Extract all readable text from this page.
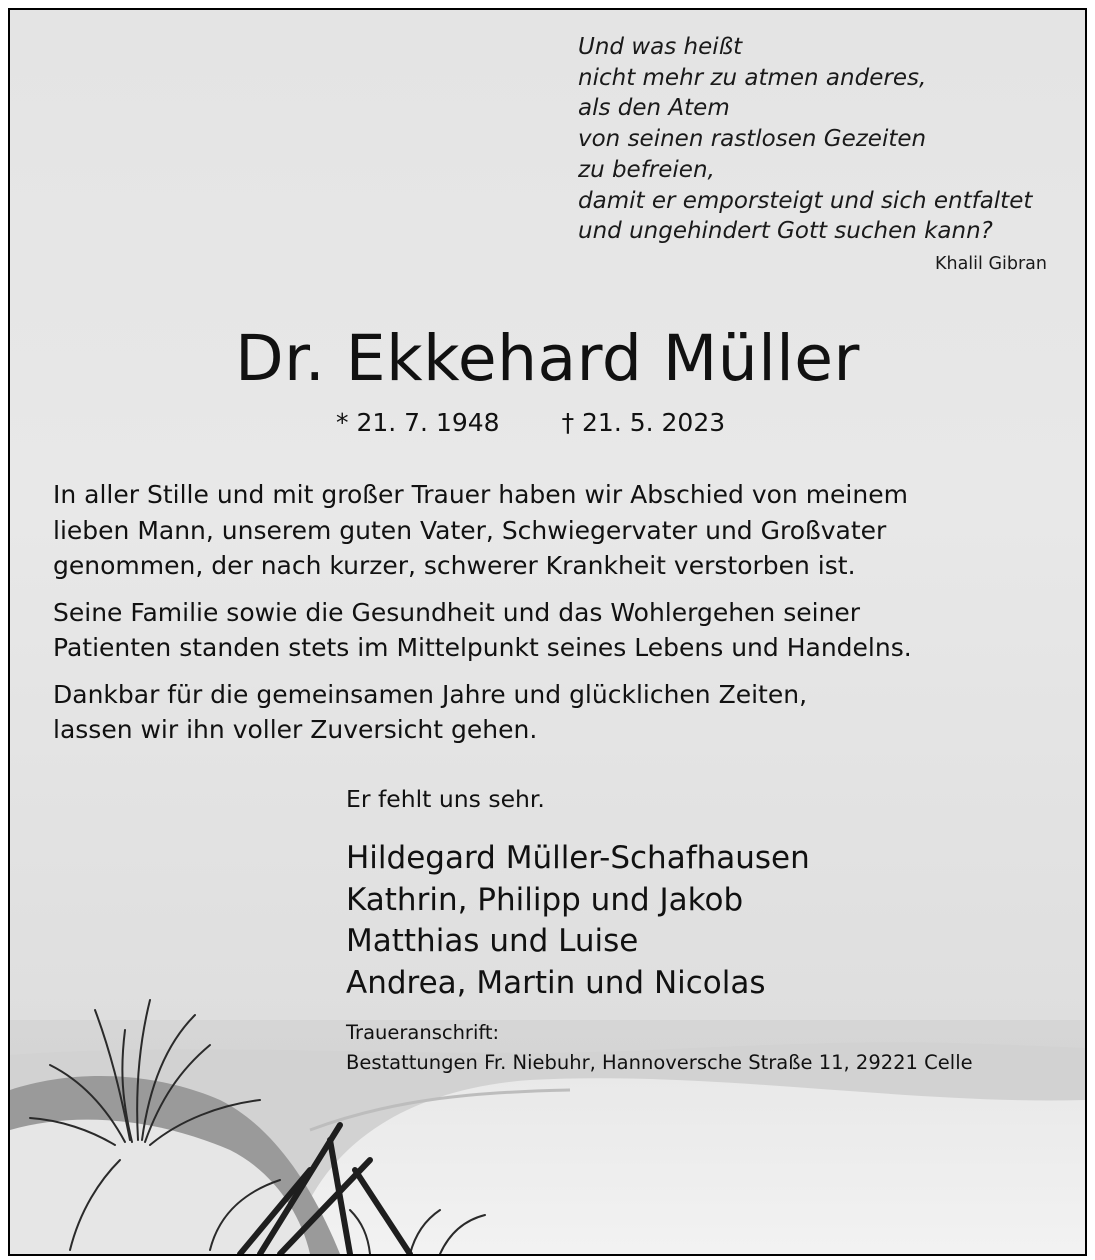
Und was heißt
nicht mehr zu atmen anderes,
als den Atem
von seinen rastlosen Gezeiten
zu befreien,
damit er emporsteigt und sich entfaltet
und ungehindert Gott suchen kann?
Khalil Gibran
Dr. Ekkehard Müller
* 21. 7. 1948 † 21. 5. 2023

In aller Stille und mit großer Trauer haben wir Abschied von meinem
lieben Mann, unserem guten Vater, Schwiegervater und Großvater
genommen, der nach kurzer, schwerer Krankheit verstorben ist.

Seine Familie sowie die Gesundheit und das Wohlergehen seiner
Patienten standen stets im Mittelpunkt seines Lebens und Handelns.

Dankbar für die gemeinsamen Jahre und glücklichen Zeiten,
lassen wir ihn voller Zuversicht gehen.

Er fehlt uns sehr.
Hildegard Müller-Schafhausen
Kathrin, Philipp und Jakob
Matthias und Luise
Andrea, Martin und Nicolas
Traueranschrift:
Bestattungen Fr. Niebuhr, Hannoversche Straße 11, 29221 Celle
